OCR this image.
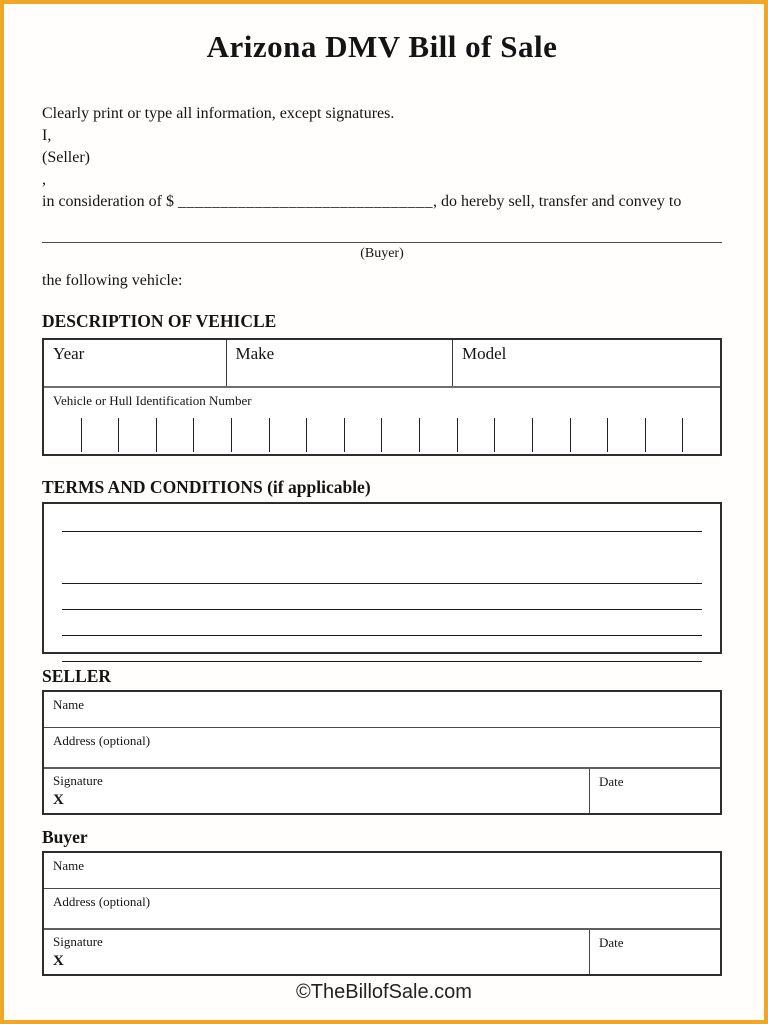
Arizona DMV Bill of Sale
Clearly print or type all information, except signatures.
I,
(Seller)
,
in consideration of $ ______________________________, do hereby sell, transfer and convey to
(Buyer)
the following vehicle:
DESCRIPTION OF VEHICLE
Year	Make	Model
Vehicle or Hull Identification Number
TERMS AND CONDITIONS (if applicable)
SELLER
Name
Address (optional)
Signature
X
Date
Buyer
Name
Address (optional)
Signature
X
Date
©TheBillofSale.com
